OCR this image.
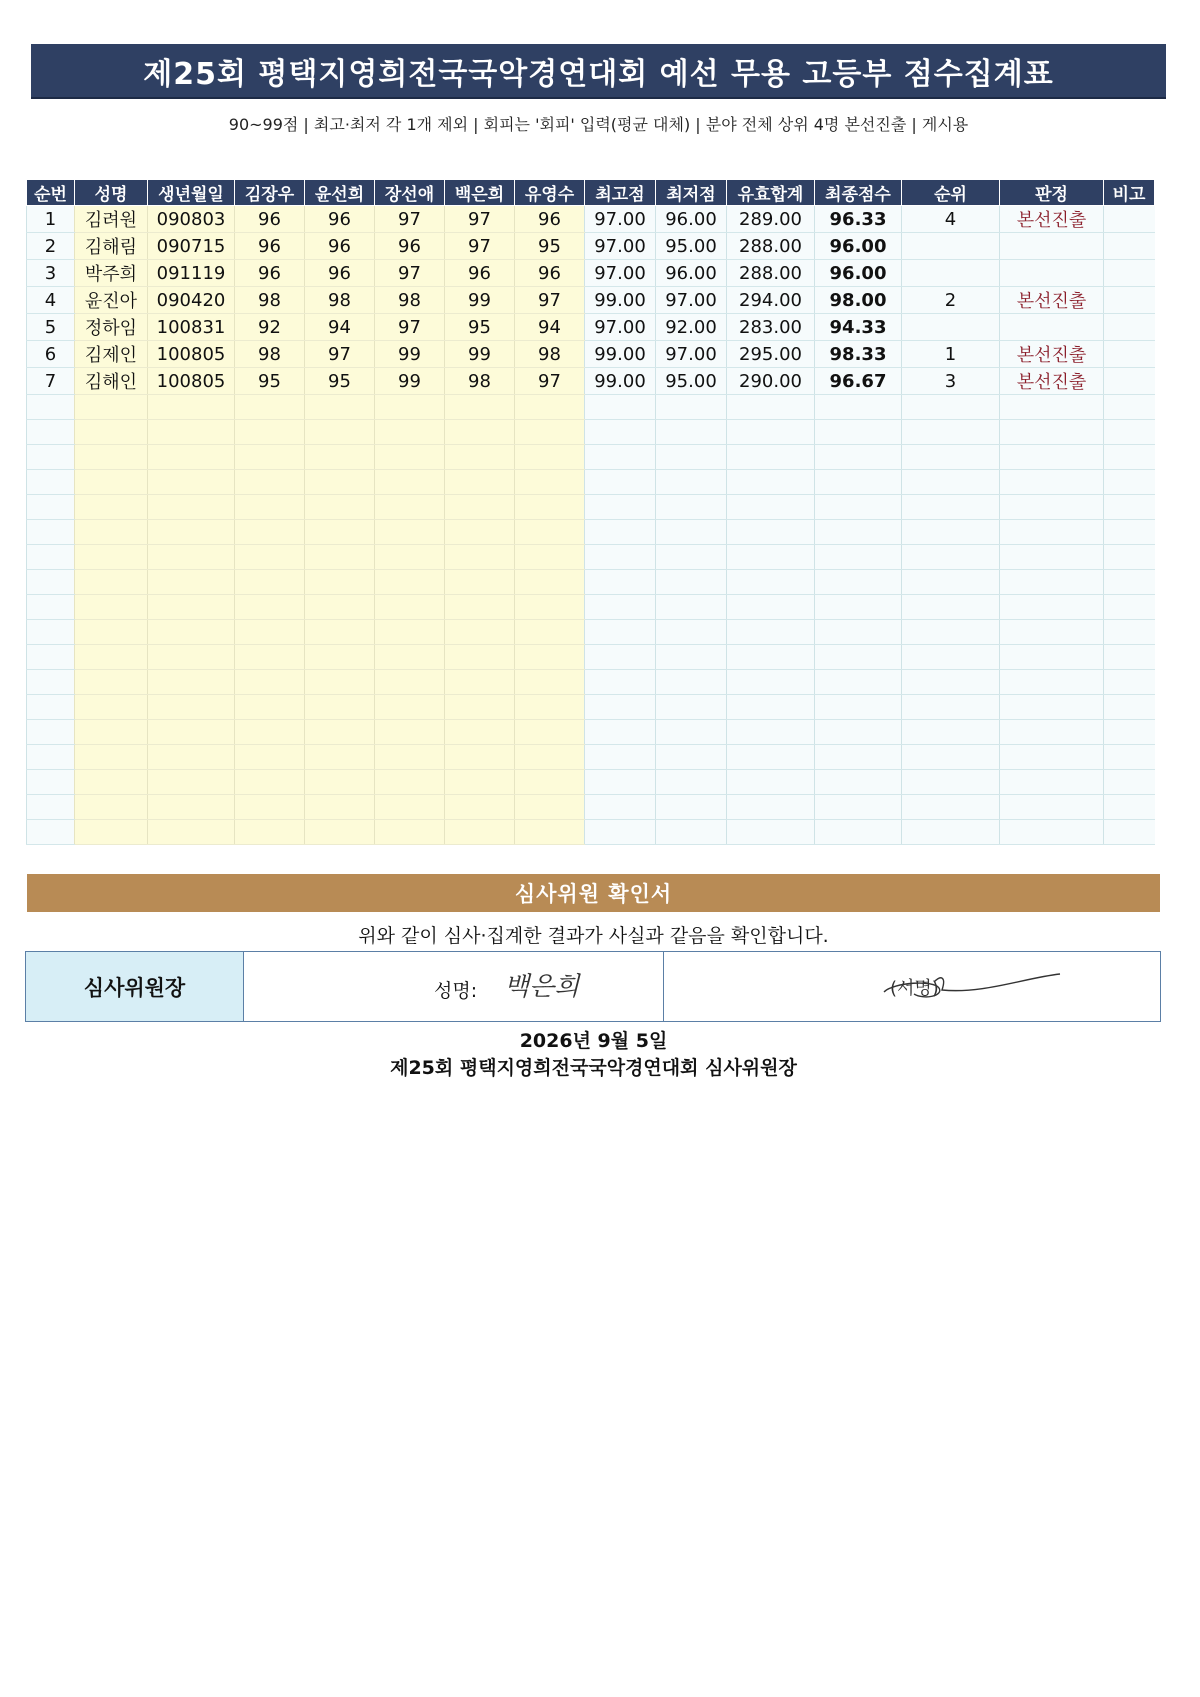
제25회 평택지영희전국국악경연대회 예선 무용 고등부 점수집계표
90~99점 | 최고·최저 각 1개 제외 | 회피는 '회피' 입력(평균 대체) | 분야 전체 상위 4명 본선진출 | 게시용
순번	성명	생년월일	김장우	윤선희	장선애	백은희	유영수	최고점	최저점	유효합계	최종점수	순위	판정	비고
1	김려원	090803	96	96	97	97	96	97.00	96.00	289.00	96.33	4	본선진출	
2	김해림	090715	96	96	96	97	95	97.00	95.00	288.00	96.00			
3	박주희	091119	96	96	97	96	96	97.00	96.00	288.00	96.00			
4	윤진아	090420	98	98	98	99	97	99.00	97.00	294.00	98.00	2	본선진출	
5	정하임	100831	92	94	97	95	94	97.00	92.00	283.00	94.33			
6	김제인	100805	98	97	99	99	98	99.00	97.00	295.00	98.33	1	본선진출	
7	김해인	100805	95	95	99	98	97	99.00	95.00	290.00	96.67	3	본선진출	

심사위원 확인서
위와 같이 심사·집계한 결과가 사실과 같음을 확인합니다.
심사위원장	성명: 백은희	(서명)
2026년 9월 5일
제25회 평택지영희전국국악경연대회 심사위원장
